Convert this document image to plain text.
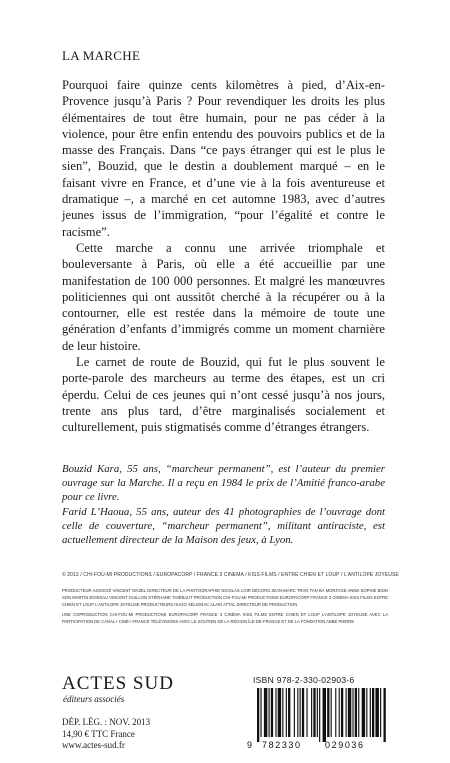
LA MARCHE

Pourquoi faire quinze cents kilomètres à pied, d’Aix-en-Provence jusqu’à Paris ? Pour revendiquer les droits les plus élémentaires de tout être humain, pour ne pas céder à la violence, pour être enfin entendu des pouvoirs publics et de la masse des Français. Dans “ce pays étranger qui est le plus le sien”, Bouzid, que le destin a doublement marqué – en le faisant vivre en France, et d’une vie à la fois aventureuse et dramatique –, a marché en cet automne 1983, avec d’autres jeunes issus de l’immigration, “pour l’égalité et contre le racisme”.

Cette marche a connu une arrivée triomphale et bouleversante à Paris, où elle a été accueillie par une manifestation de 100 000 personnes. Et malgré les manœuvres politiciennes qui ont aussitôt cherché à la récupérer ou à la contourner, elle est restée dans la mémoire de toute une génération d’enfants d’immigrés comme un moment charnière de leur histoire.

Le carnet de route de Bouzid, qui fut le plus souvent le porte-parole des marcheurs au terme des étapes, est un cri éperdu. Celui de ces jeunes qui n’ont cessé jusqu’à nos jours, trente ans plus tard, d’être marginalisés socialement et culturellement, puis stigmatisés comme d’étranges étrangers.

Bouzid Kara, 55 ans, “marcheur permanent”, est l’auteur du premier ouvrage sur la Marche. Il a reçu en 1984 le prix de l’Amitié franco-arabe pour ce livre.

Farid L’Haoua, 55 ans, auteur des 41 photographies de l’ouvrage dont celle de couverture, “marcheur permanent”, militant antiraciste, est actuellement directeur de la Maison des jeux, à Lyon.

© 2013 / CHI-FOU-MI PRODUCTIONS / EUROPACORP / FRANCE 3 CINEMA / KISS FILMS / ENTRE CHIEN ET LOUP / L’ANTILOPE JOYEUSE

PRODUCTEUR ASSOCIÉ VINCENT MAZEL DIRECTEUR DE LA PHOTOGRAPHIE NICOLAS LOIR DÉCORS JEAN-MARC TRAN TAN BA MONTAGE ANNE-SOPHIE BION SON MARTIN BOISSAU VINCENT GUILLON STÉPHANE THIÉBAUT PRODUCTION CHI-FOU-MI PRODUCTIONS EUROPACORP FRANCE 3 CINÉMA KISS FILMS ENTRE CHIEN ET LOUP L’ANTILOPE JOYEUSE PRODUCTEURS HUGO SÉLIGNAC ALAIN ATTAL DIRECTEUR DE PRODUCTION

UNE COPRODUCTION CHI-FOU-MI PRODUCTIONS EUROPACORP FRANCE 3 CINÉMA KISS FILMS ENTRE CHIEN ET LOUP L’ANTILOPE JOYEUSE AVEC LA PARTICIPATION DE CANAL+ CINÉ+ FRANCE TÉLÉVISIONS AVEC LE SOUTIEN DE LA RÉGION ÎLE-DE-FRANCE ET DE LA FONDATION ABBÉ PIERRE

ACTES SUD
éditeurs associés
DÉP. LÉG. : NOV. 2013
14,90 € TTC France
www.actes-sud.fr
ISBN 978-2-330-02903-6
9 782330	029036
